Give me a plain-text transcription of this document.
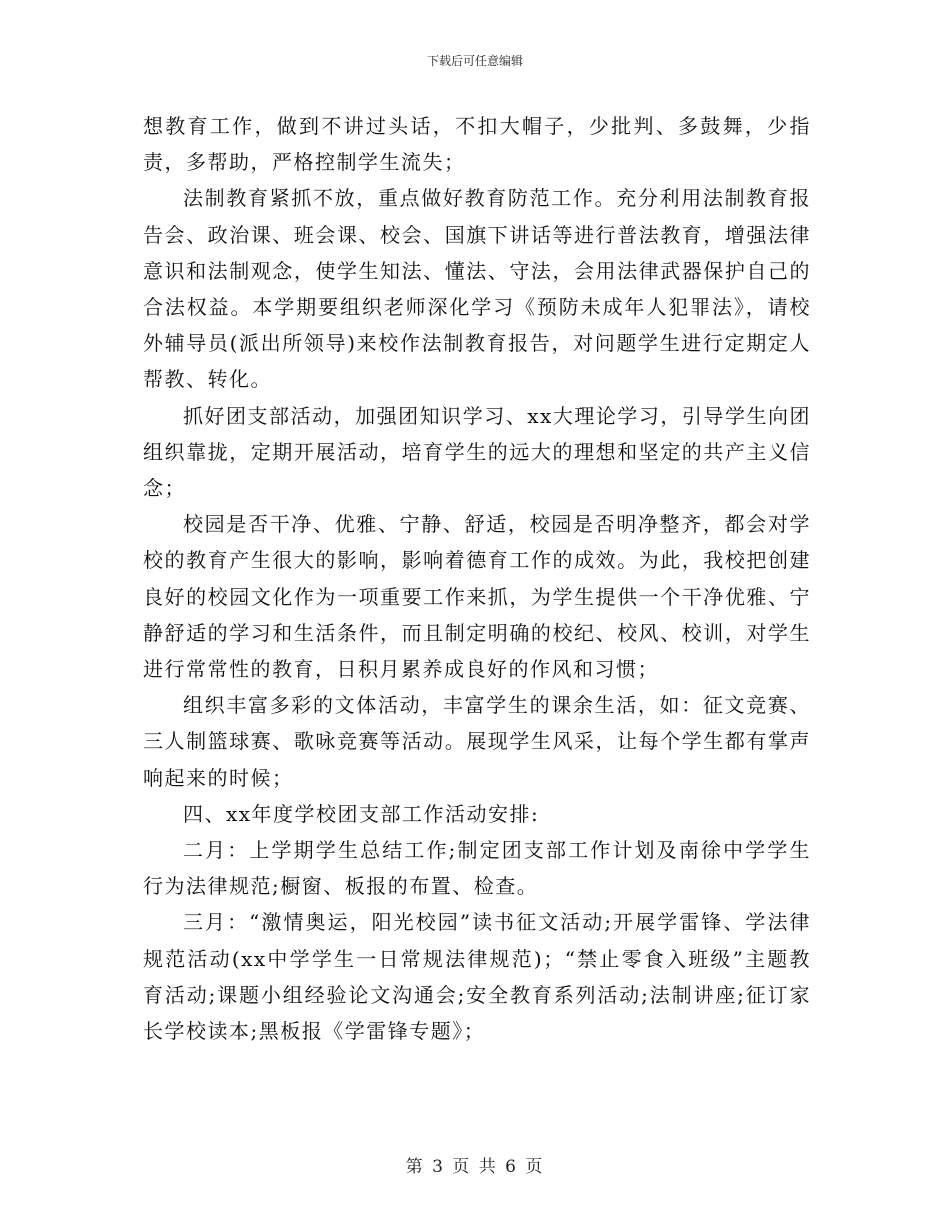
下载后可任意编辑

想教育工作，做到不讲过头话，不扣大帽子，少批判、多鼓舞，少指责，多帮助，严格控制学生流失；

法制教育紧抓不放，重点做好教育防范工作。充分利用法制教育报告会、政治课、班会课、校会、国旗下讲话等进行普法教育，增强法律意识和法制观念，使学生知法、懂法、守法，会用法律武器保护自己的合法权益。本学期要组织老师深化学习《预防未成年人犯罪法》，请校外辅导员(派出所领导)来校作法制教育报告，对问题学生进行定期定人帮教、转化。

抓好团支部活动，加强团知识学习、xx大理论学习，引导学生向团组织靠拢，定期开展活动，培育学生的远大的理想和坚定的共产主义信念；

校园是否干净、优雅、宁静、舒适，校园是否明净整齐，都会对学校的教育产生很大的影响，影响着德育工作的成效。为此，我校把创建良好的校园文化作为一项重要工作来抓，为学生提供一个干净优雅、宁静舒适的学习和生活条件，而且制定明确的校纪、校风、校训，对学生进行常常性的教育，日积月累养成良好的作风和习惯；

组织丰富多彩的文体活动，丰富学生的课余生活，如：征文竞赛、三人制篮球赛、歌咏竞赛等活动。展现学生风采，让每个学生都有掌声响起来的时候；

四、xx年度学校团支部工作活动安排:

二月：上学期学生总结工作;制定团支部工作计划及南徐中学学生行为法律规范;橱窗、板报的布置、检查。

三月：“激情奥运，阳光校园”读书征文活动;开展学雷锋、学法律规范活动(xx中学学生一日常规法律规范)；“禁止零食入班级”主题教育活动;课题小组经验论文沟通会;安全教育系列活动;法制讲座;征订家长学校读本;黑板报《学雷锋专题》；

第 3 页 共 6 页
